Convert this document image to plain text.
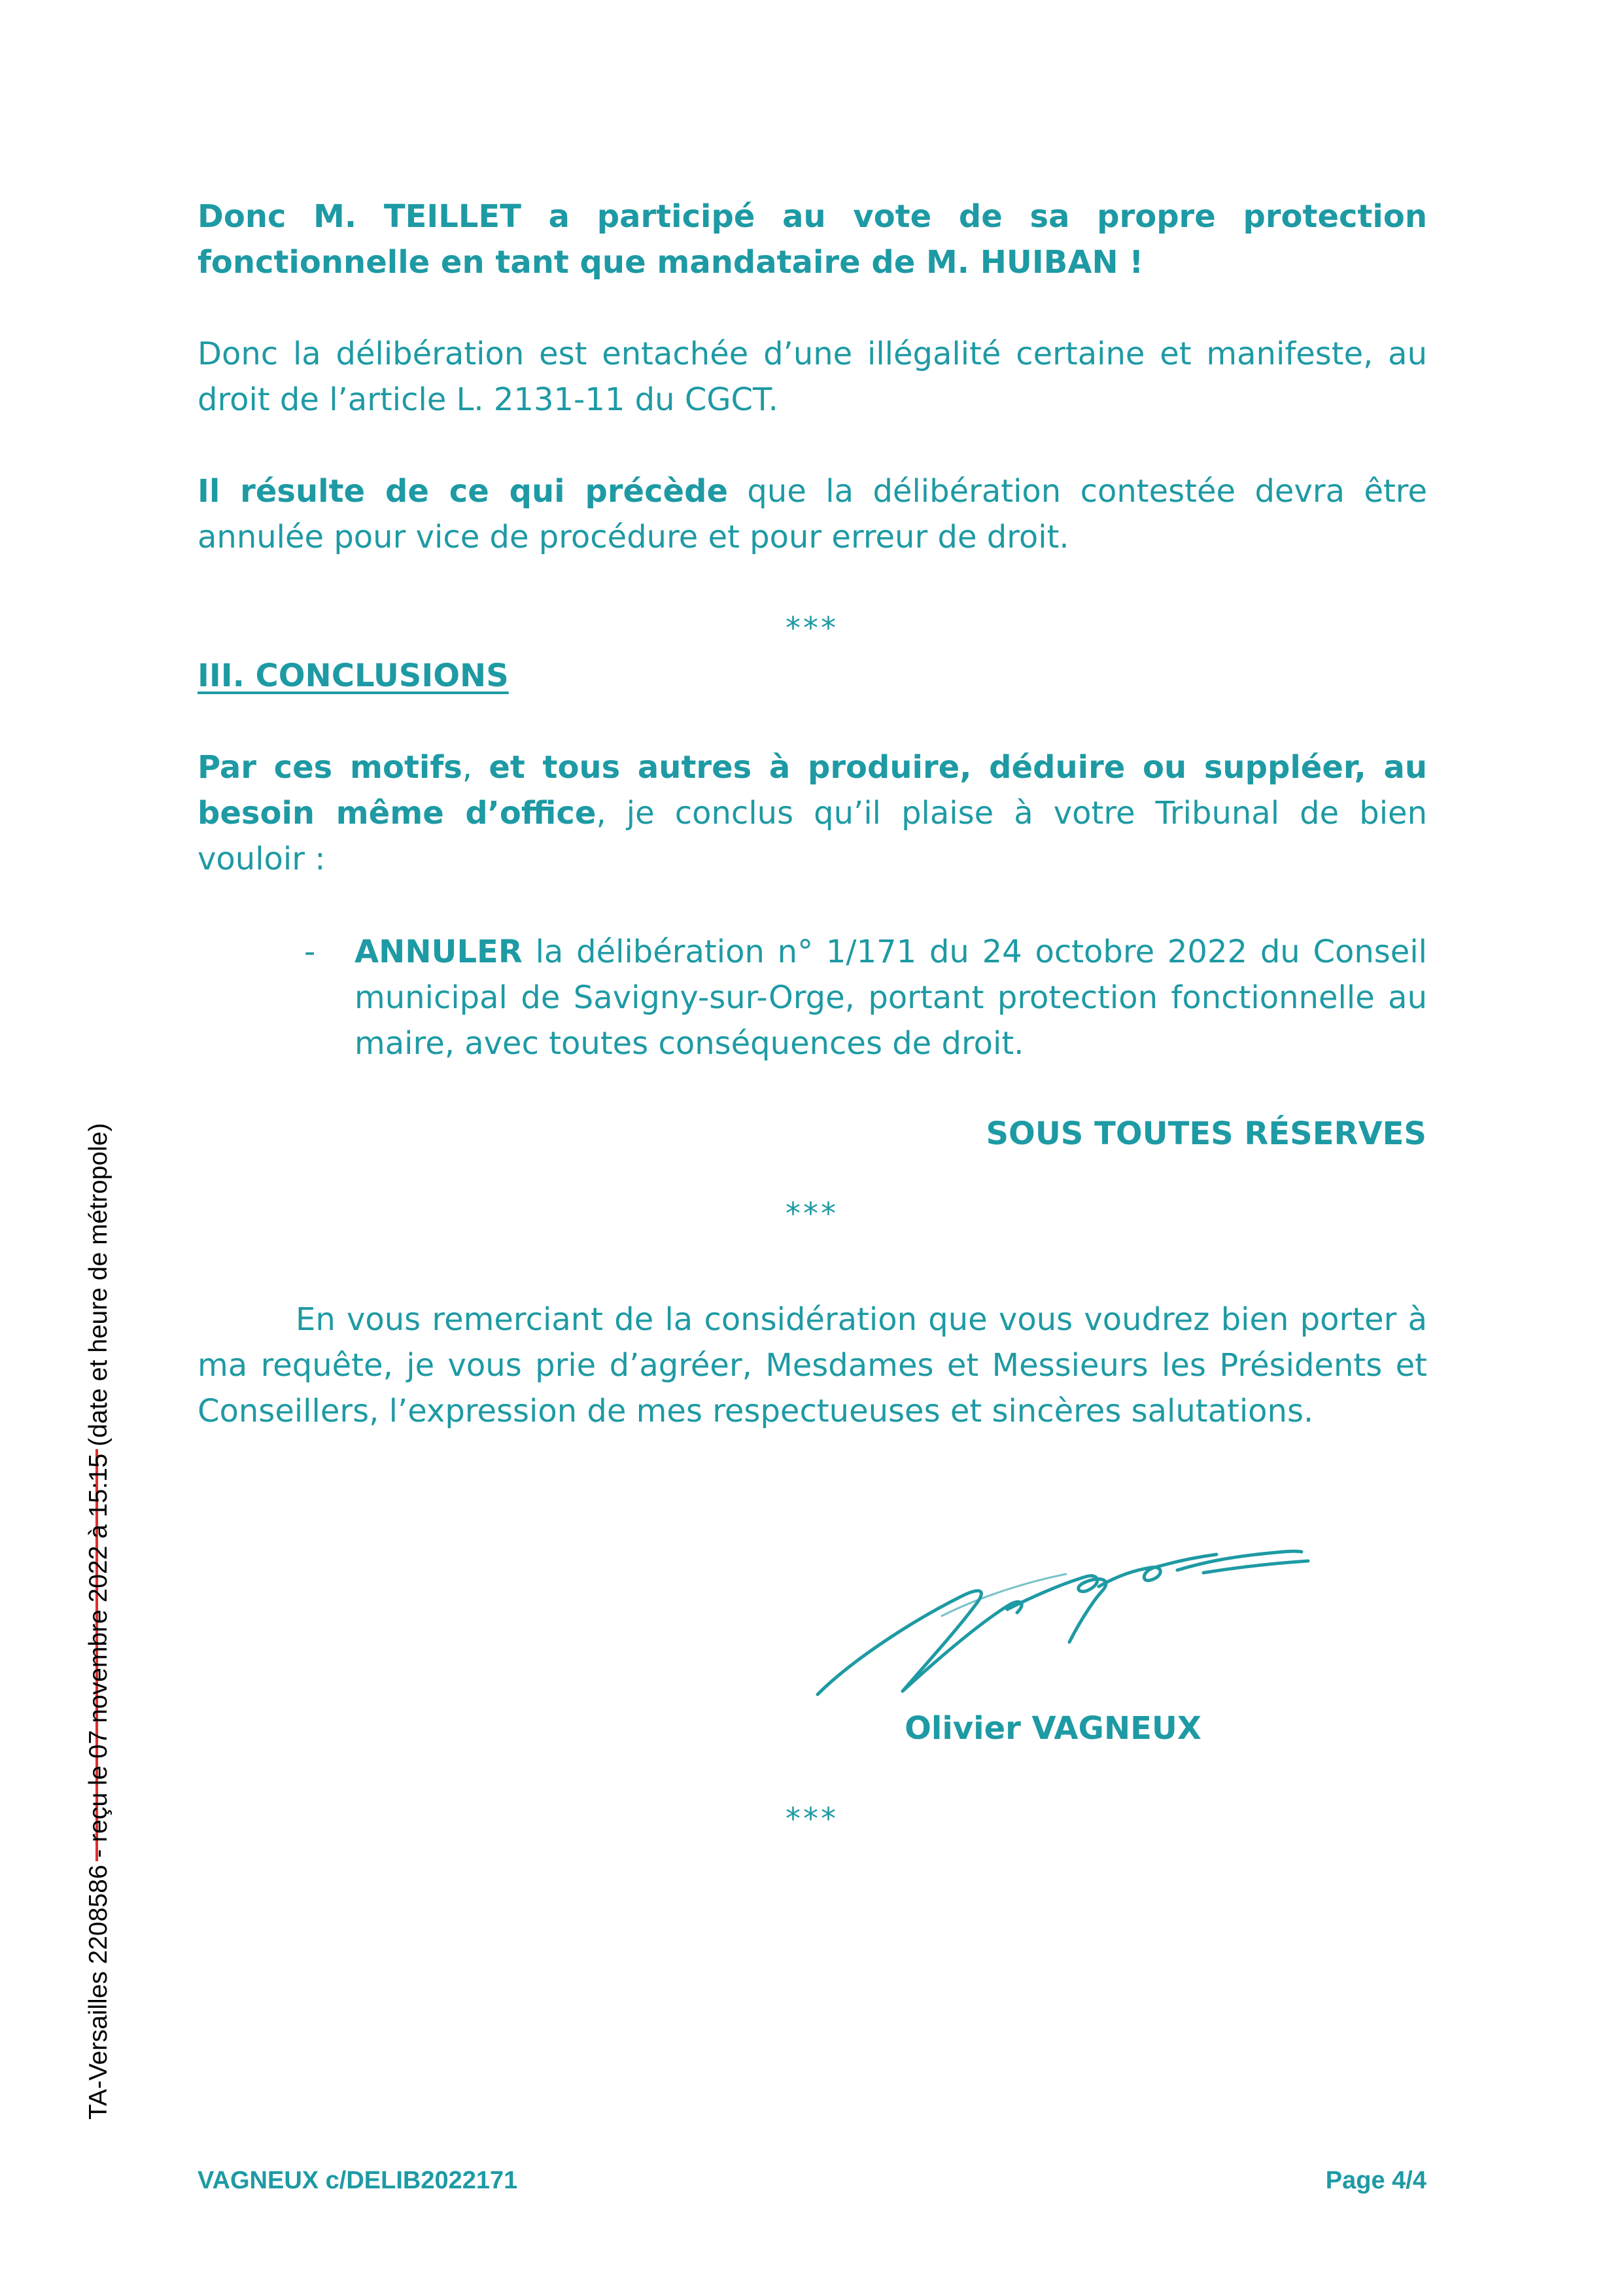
Donc M. TEILLET a participé au vote de sa propre protection fonctionnelle en tant que mandataire de M. HUIBAN !

Donc la délibération est entachée d’une illégalité certaine et manifeste, au droit de l’article L. 2131-11 du CGCT.

Il résulte de ce qui précède que la délibération contestée devra être annulée pour vice de procédure et pour erreur de droit.

***
III. CONCLUSIONS

Par ces motifs, et tous autres à produire, déduire ou suppléer, au besoin même d’office, je conclus qu’il plaise à votre Tribunal de bien vouloir :

- ANNULER la délibération n° 1/171 du 24 octobre 2022 du Conseil municipal de Savigny-sur-Orge, portant protection fonctionnelle au maire, avec toutes conséquences de droit.

SOUS TOUTES RÉSERVES
***

En vous remerciant de la considération que vous voudrez bien porter à ma requête, je vous prie d’agréer, Mesdames et Messieurs les Présidents et Conseillers, l’expression de mes respectueuses et sincères salutations.

Olivier VAGNEUX
***
VAGNEUX c/DELIB2022171	Page 4/4
TA-Versailles 2208586 - reçu le 07 novembre 2022 à 15:15 (date et heure de métropole)
